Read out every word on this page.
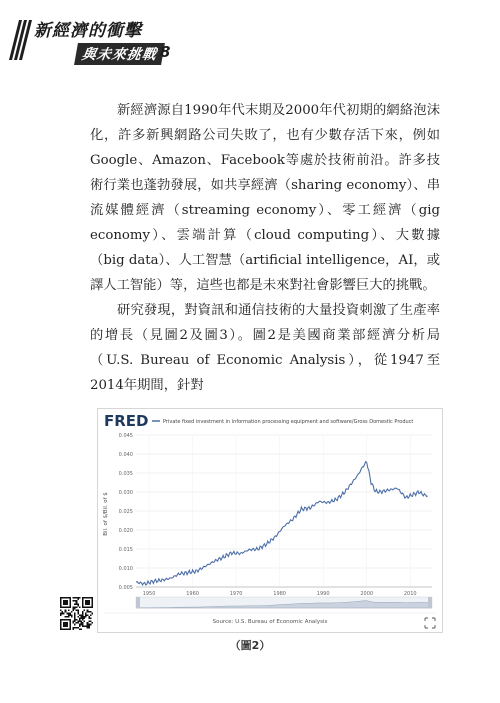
新經濟的衝擊
與未來挑戰 8

新經濟源自1990年代末期及2000年代初期的網絡泡沫化，許多新興網路公司失敗了，也有少數存活下來，例如Google、Amazon、Facebook等處於技術前沿。許多技術行業也蓬勃發展，如共享經濟（sharing economy）、串流媒體經濟（streaming economy）、零工經濟（gig economy）、雲端計算（cloud computing）、大數據（big data）、人工智慧（artificial intelligence，AI，或譯人工智能）等，這些也都是未來對社會影響巨大的挑戰。

研究發現，對資訊和通信技術的大量投資刺激了生產率的增長（見圖2及圖3）。圖2是美國商業部經濟分析局（U.S. Bureau of Economic Analysis），從1947至2014年期間，針對

FRED	Private fixed investment in information processing equipment and software/Gross Domestic Product
Bil. of $/Bil. of $
0.005
0.010
0.015
0.020
0.025
0.030
0.035
0.040
0.045
1950	1960	1970	1980	1990	2000	2010
Source: U.S. Bureau of Economic Analysis
（圖2）
